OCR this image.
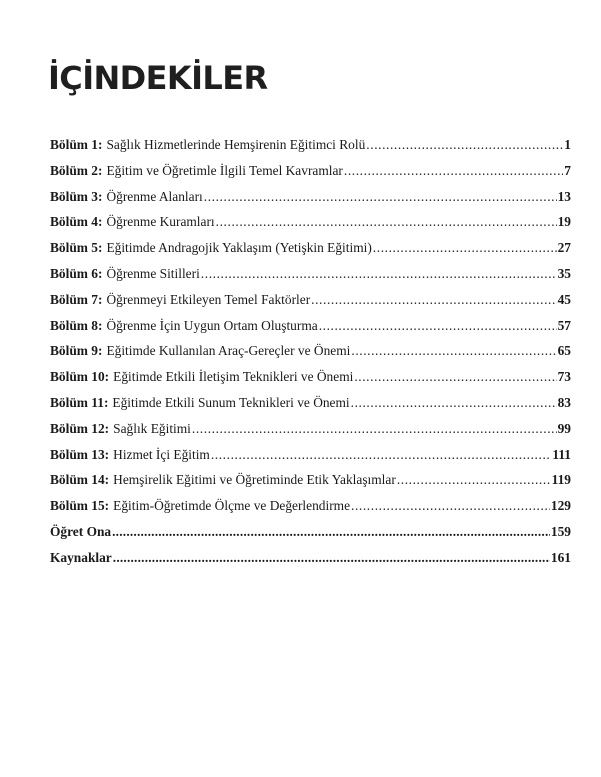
İÇİNDEKİLER
Bölüm 1: Sağlık Hizmetlerinde Hemşirenin Eğitimci Rolü .....	1
Bölüm 2: Eğitim ve Öğretimle İlgili Temel Kavramlar .....	7
Bölüm 3: Öğrenme Alanları .....	13
Bölüm 4: Öğrenme Kuramları .....	19
Bölüm 5: Eğitimde Andragojik Yaklaşım (Yetişkin Eğitimi) .....	27
Bölüm 6: Öğrenme Sitilleri .....	35
Bölüm 7: Öğrenmeyi Etkileyen Temel Faktörler .....	45
Bölüm 8: Öğrenme İçin Uygun Ortam Oluşturma .....	57
Bölüm 9: Eğitimde Kullanılan Araç-Gereçler ve Önemi .....	65
Bölüm 10: Eğitimde Etkili İletişim Teknikleri ve Önemi .....	73
Bölüm 11: Eğitimde Etkili Sunum Teknikleri ve Önemi .....	83
Bölüm 12: Sağlık Eğitimi .....	99
Bölüm 13: Hizmet İçi Eğitim .....	111
Bölüm 14: Hemşirelik Eğitimi ve Öğretiminde Etik Yaklaşımlar .....	119
Bölüm 15: Eğitim-Öğretimde Ölçme ve Değerlendirme .....	129
Öğret Ona .....	159
Kaynaklar .....	161
